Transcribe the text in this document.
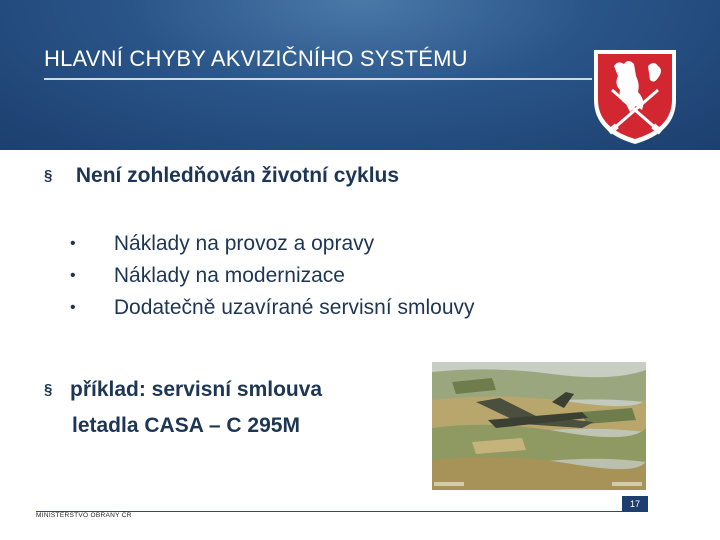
HLAVNÍ CHYBY AKVIZIČNÍHO SYSTÉMU
§ Není zohledňován životní cyklus
• Náklady na provoz a opravy
• Náklady na modernizace
• Dodatečně uzavírané servisní smlouvy
§ příklad: servisní smlouva
letadla CASA – C 295M
MINISTERSTVO OBRANY ČR
17
